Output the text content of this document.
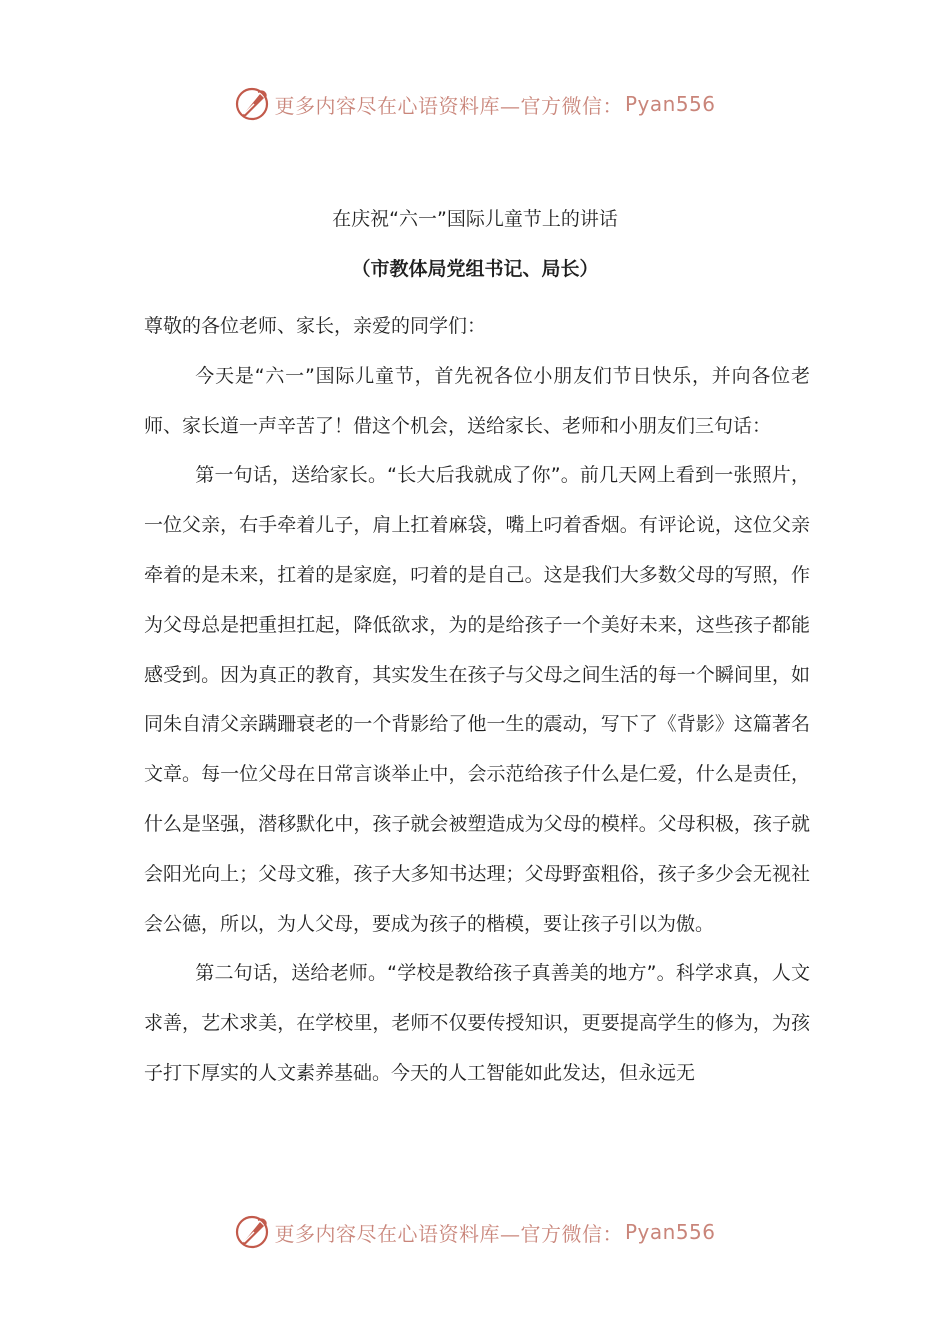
更多内容尽在心语资料库—官方微信： Pyan556
在庆祝“六一”国际儿童节上的讲话
（市教体局党组书记、局长）

尊敬的各位老师、家长，亲爱的同学们：

今天是“六一”国际儿童节，首先祝各位小朋友们节日快乐，并向各位老师、家长道一声辛苦了！借这个机会，送给家长、老师和小朋友们三句话：

第一句话，送给家长。“长大后我就成了你”。前几天网上看到一张照片，一位父亲，右手牵着儿子，肩上扛着麻袋，嘴上叼着香烟。有评论说，这位父亲牵着的是未来，扛着的是家庭，叼着的是自己。这是我们大多数父母的写照，作为父母总是把重担扛起，降低欲求，为的是给孩子一个美好未来，这些孩子都能感受到。因为真正的教育，其实发生在孩子与父母之间生活的每一个瞬间里，如同朱自清父亲蹒跚衰老的一个背影给了他一生的震动，写下了《背影》这篇著名文章。每一位父母在日常言谈举止中，会示范给孩子什么是仁爱，什么是责任，什么是坚强，潜移默化中，孩子就会被塑造成为父母的模样。父母积极，孩子就会阳光向上；父母文雅，孩子大多知书达理；父母野蛮粗俗，孩子多少会无视社会公德，所以，为人父母，要成为孩子的楷模，要让孩子引以为傲。

第二句话，送给老师。“学校是教给孩子真善美的地方”。科学求真，人文求善，艺术求美，在学校里，老师不仅要传授知识，更要提高学生的修为，为孩子打下厚实的人文素养基础。今天的人工智能如此发达，但永远无

更多内容尽在心语资料库—官方微信： Pyan556
